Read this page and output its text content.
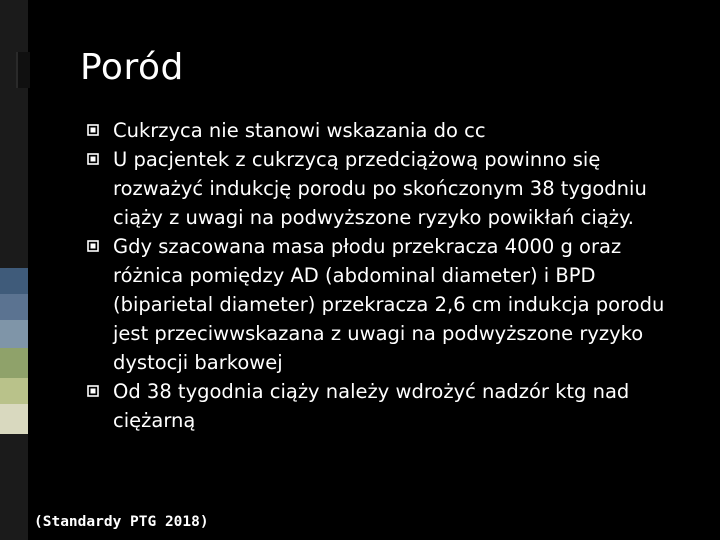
Poród
Cukrzyca nie stanowi wskazania do cc
U pacjentek z cukrzycą przedciążową powinno się rozważyć indukcję porodu po skończonym 38 tygodniu ciąży z uwagi na podwyższone ryzyko powikłań ciąży.
Gdy szacowana masa płodu przekracza 4000 g oraz różnica pomiędzy AD (abdominal diameter) i BPD (biparietal diameter) przekracza 2,6 cm indukcja porodu jest przeciwwskazana z uwagi na podwyższone ryzyko dystocji barkowej
Od 38 tygodnia ciąży należy wdrożyć nadzór ktg nad ciężarną
(Standardy PTG 2018)
